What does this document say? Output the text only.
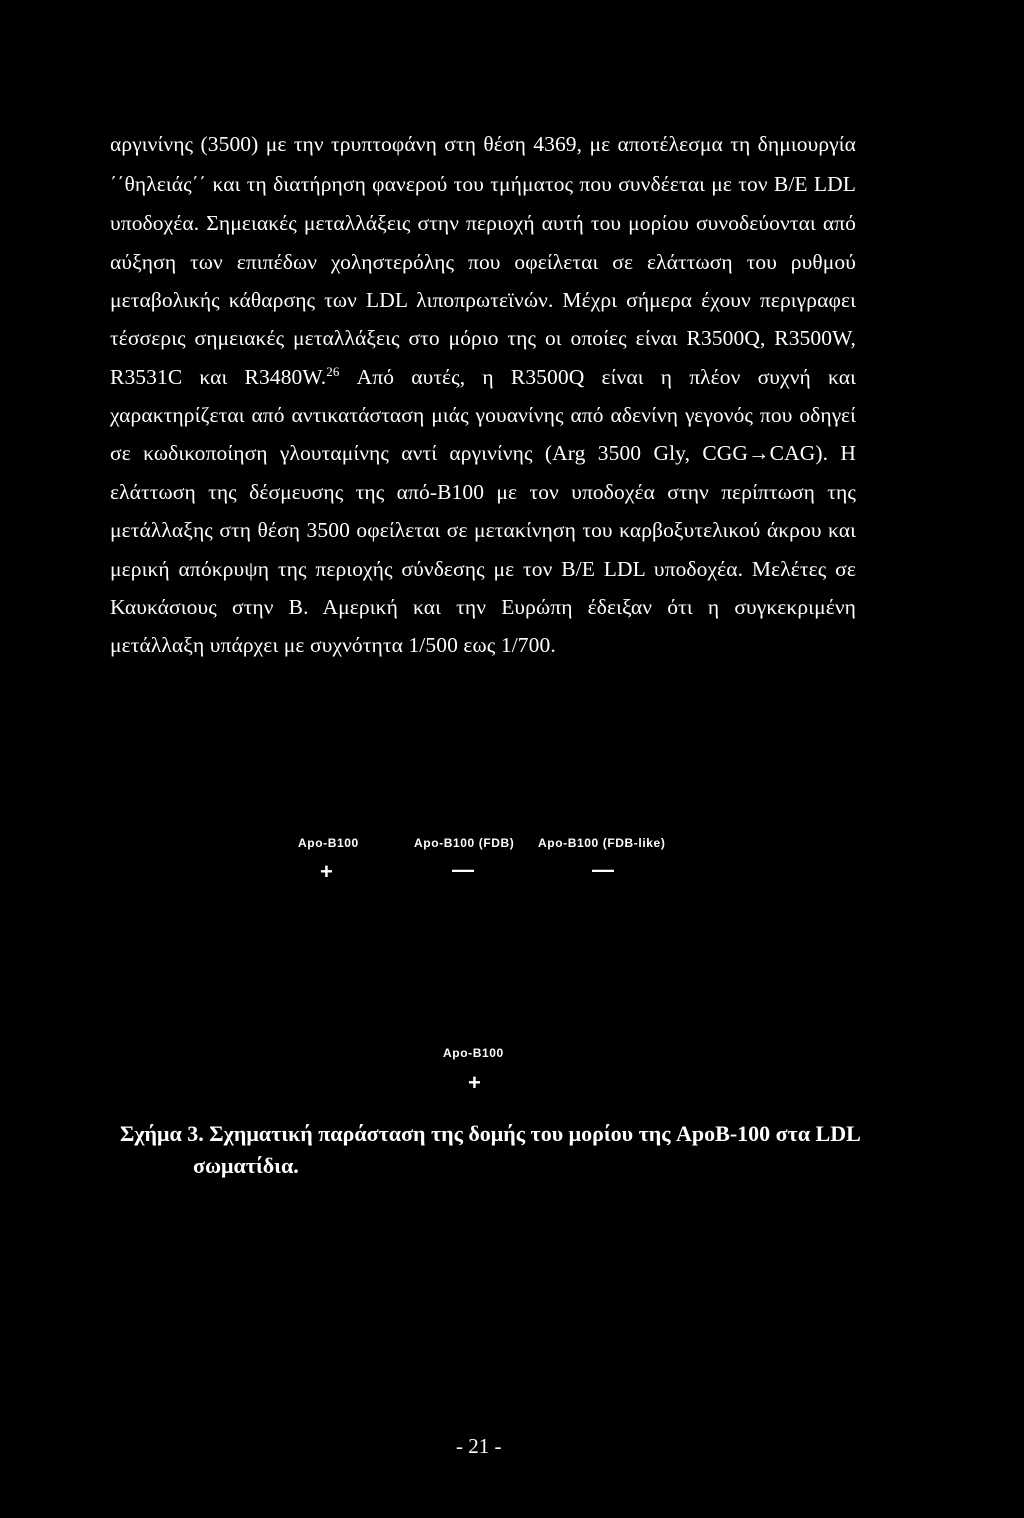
αργινίνης (3500) με την τρυπτοφάνη στη θέση 4369, με αποτέλεσμα τη δημιουργία
΄΄θηλειάς΄΄ και τη διατήρηση φανερού του τμήματος που συνδέεται με τον Β/Ε LDL
υποδοχέα. Σημειακές μεταλλάξεις στην περιοχή αυτή του μορίου συνοδεύονται από
αύξηση των επιπέδων χοληστερόλης που οφείλεται σε ελάττωση του ρυθμού
μεταβολικής κάθαρσης των LDL λιποπρωτεϊνών. Μέχρι σήμερα έχουν περιγραφει
τέσσερις σημειακές μεταλλάξεις στο μόριο της οι οποίες είναι R3500Q, R3500W,
R3531C και R3480W.$^{26}$ Από αυτές, η R3500Q είναι η πλέον συχνή και
χαρακτηρίζεται από αντικατάσταση μιάς γουανίνης από αδενίνη γεγονός που οδηγεί
σε κωδικοποίηση γλουταμίνης αντί αργινίνης (Arg 3500 Gly, CGG→CAG). Η
ελάττωση της δέσμευσης της από-Β100 με τον υποδοχέα στην περίπτωση της
μετάλλαξης στη θέση 3500 οφείλεται σε μετακίνηση του καρβοξυτελικού άκρου και
μερική απόκρυψη της περιοχής σύνδεσης με τον Β/Ε LDL υποδοχέα. Μελέτες σε
Καυκάσιους στην Β. Αμερική και την Ευρώπη έδειξαν ότι η συγκεκριμένη
μετάλλαξη υπάρχει με συχνότητα 1/500 εως 1/700.
Apo-B100	Apo-B100 (FDB) Apo-B100 (FDB-like)
+	—	—
Apo-B100
+
Σχήμα 3. Σχηματική παράσταση της δομής του μορίου της ApoB-100 στα LDL
σωματίδια.
- 21 -
